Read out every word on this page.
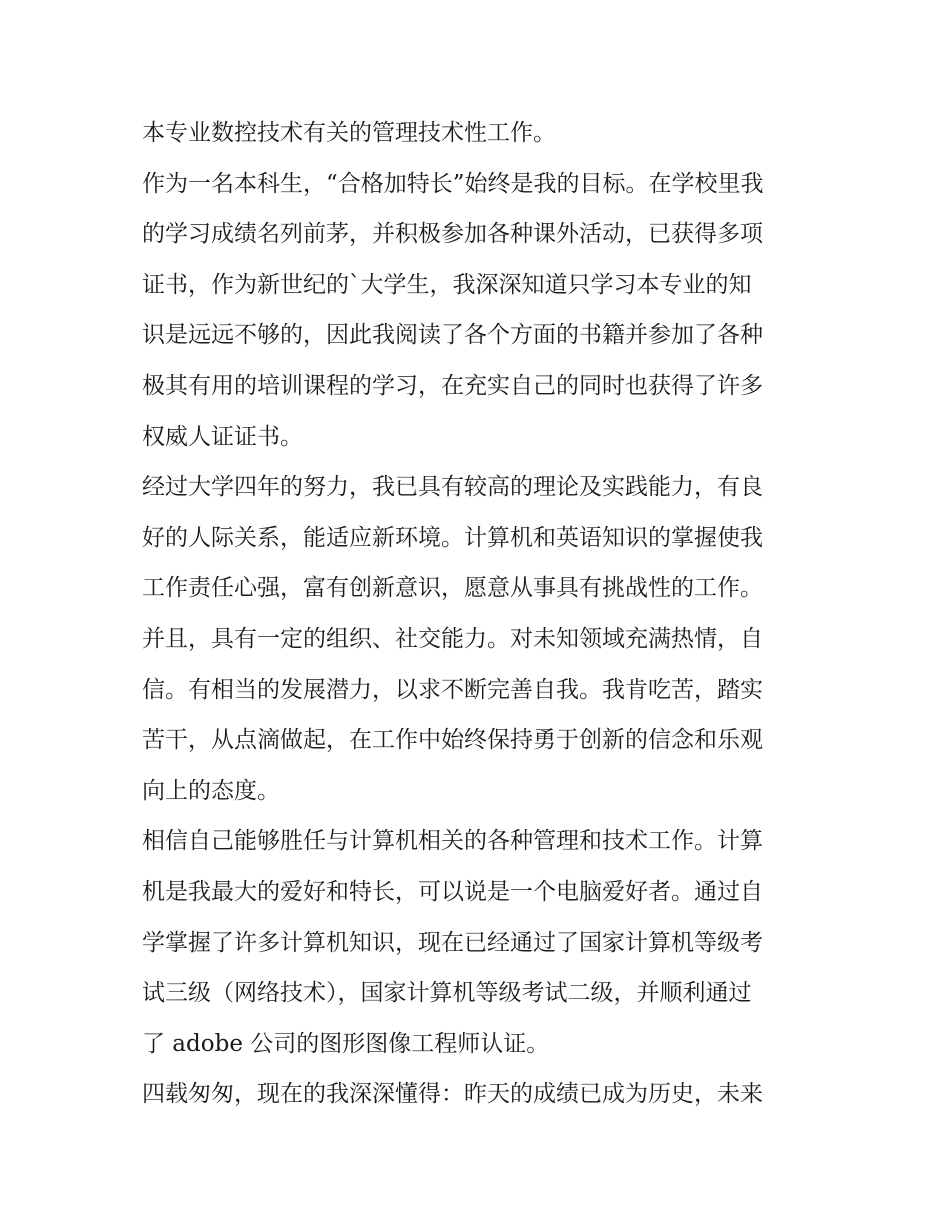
本专业数控技术有关的管理技术性工作。
作为一名本科生，“合格加特长”始终是我的目标。在学校里我
的学习成绩名列前茅，并积极参加各种课外活动，已获得多项
证书，作为新世纪的`大学生，我深深知道只学习本专业的知
识是远远不够的，因此我阅读了各个方面的书籍并参加了各种
极其有用的培训课程的学习，在充实自己的同时也获得了许多
权威人证证书。
经过大学四年的努力，我已具有较高的理论及实践能力，有良
好的人际关系，能适应新环境。计算机和英语知识的掌握使我
工作责任心强，富有创新意识，愿意从事具有挑战性的工作。
并且，具有一定的组织、社交能力。对未知领域充满热情，自
信。有相当的发展潜力，以求不断完善自我。我肯吃苦，踏实
苦干，从点滴做起，在工作中始终保持勇于创新的信念和乐观
向上的态度。
相信自己能够胜任与计算机相关的各种管理和技术工作。计算
机是我最大的爱好和特长，可以说是一个电脑爱好者。通过自
学掌握了许多计算机知识，现在已经通过了国家计算机等级考
试三级（网络技术），国家计算机等级考试二级，并顺利通过
了 adobe 公司的图形图像工程师认证。
四载匆匆，现在的我深深懂得：昨天的成绩已成为历史，未来
